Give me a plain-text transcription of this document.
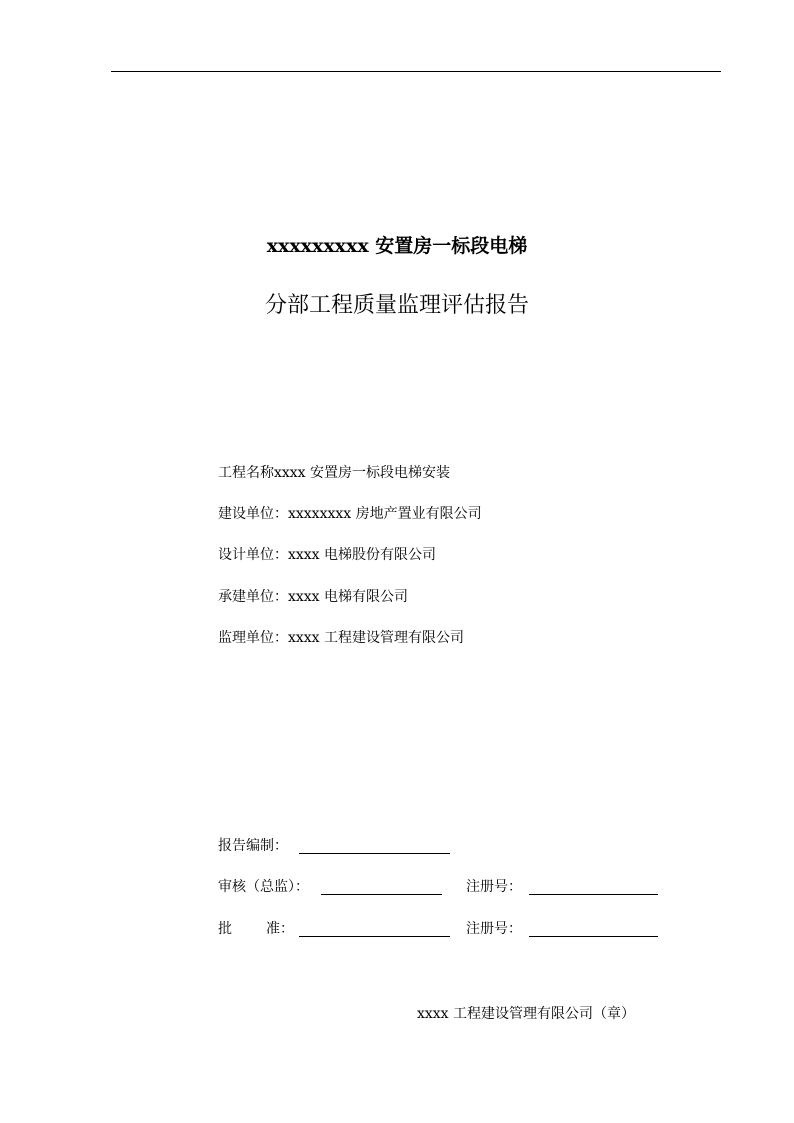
xxxxxxxxx 安置房一标段电梯
分部工程质量监理评估报告
工程名称xxxx 安置房一标段电梯安装
建设单位：xxxxxxxx 房地产置业有限公司
设计单位：xxxx 电梯股份有限公司
承建单位：xxxx 电梯有限公司
监理单位：xxxx 工程建设管理有限公司
报告编制：
审核（总监）：	注册号：
批 准：	注册号：
xxxx 工程建设管理有限公司（章）
